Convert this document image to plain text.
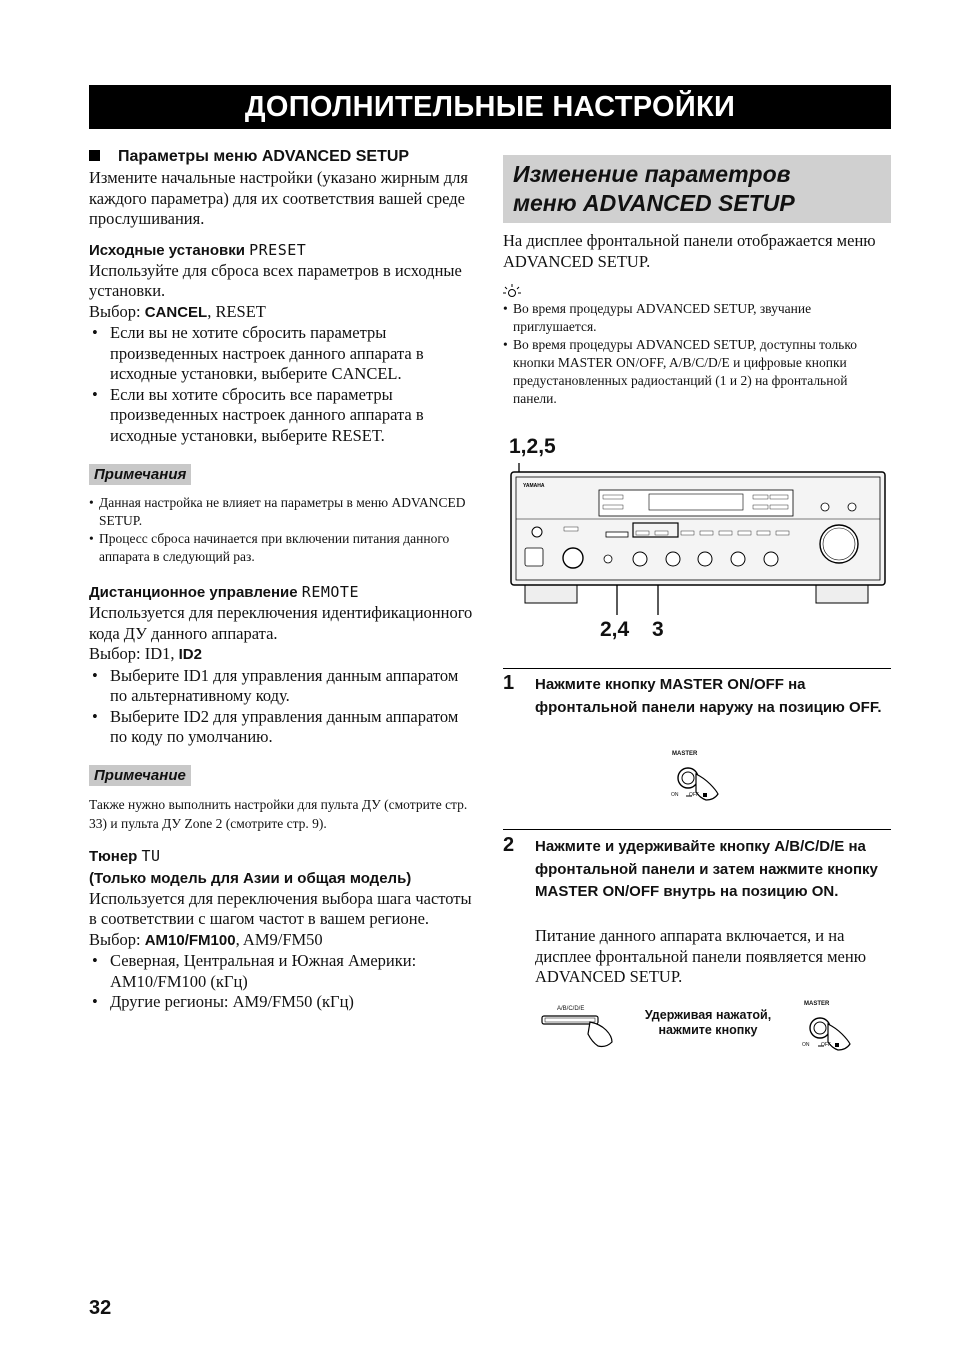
ДОПОЛНИТЕЛЬНЫЕ НАСТРОЙКИ
Параметры меню ADVANCED SETUP

Измените начальные настройки (указано жирным для каждого параметра) для их соответствия вашей среде прослушивания.

Исходные установки PRESET

Используйте для сброса всех параметров в исходные установки.

Выбор: CANCEL, RESET

• Если вы не хотите сбросить параметры произведенных настроек данного аппарата в исходные установки, выберите CANCEL.
• Если вы хотите сбросить все параметры произведенных настроек данного аппарата в исходные установки, выберите RESET.
Примечания
• Данная настройка не влияет на параметры в меню ADVANCED SETUP.
• Процесс сброса начинается при включении питания данного аппарата в следующий раз.
Дистанционное управление REMOTE

Используется для переключения идентификационного кода ДУ данного аппарата.

Выбор: ID1, ID2

• Выберите ID1 для управления данным аппаратом по альтернативному коду.
• Выберите ID2 для управления данным аппаратом по коду по умолчанию.
Примечание

Также нужно выполнить настройки для пульта ДУ (смотрите стр. 33) и пульта ДУ Zone 2 (смотрите стр. 9).

Тюнер TU
(Только модель для Азии и общая модель)

Используется для переключения выбора шага частоты в соответствии с шагом частот в вашем регионе.

Выбор: AM10/FM100, AM9/FM50

• Северная, Центральная и Южная Америки: AM10/FM100 (кГц)
• Другие регионы: AM9/FM50 (кГц)
Изменение параметров
меню ADVANCED SETUP

На дисплее фронтальной панели отображается меню ADVANCED SETUP.

• Во время процедуры ADVANCED SETUP, звучание приглушается.
• Во время процедуры ADVANCED SETUP, доступны только кнопки MASTER ON/OFF, A/B/C/D/E и цифровые кнопки предустановленных радиостанций (1 и 2) на фронтальной панели.
1,2,5
2,4 3
YAMAHA
1 Нажмите кнопку MASTER ON/OFF на фронтальной панели наружу на позицию OFF.
MASTER
ON OFF
2 Нажмите и удерживайте кнопку A/B/C/D/E на фронтальной панели и затем нажмите кнопку MASTER ON/OFF внутрь на позицию ON.

Питание данного аппарата включается, и на дисплее фронтальной панели появляется меню ADVANCED SETUP.

A/B/C/D/E	Удерживая нажатой,
нажмите кнопку
MASTER
ON OFF
32
